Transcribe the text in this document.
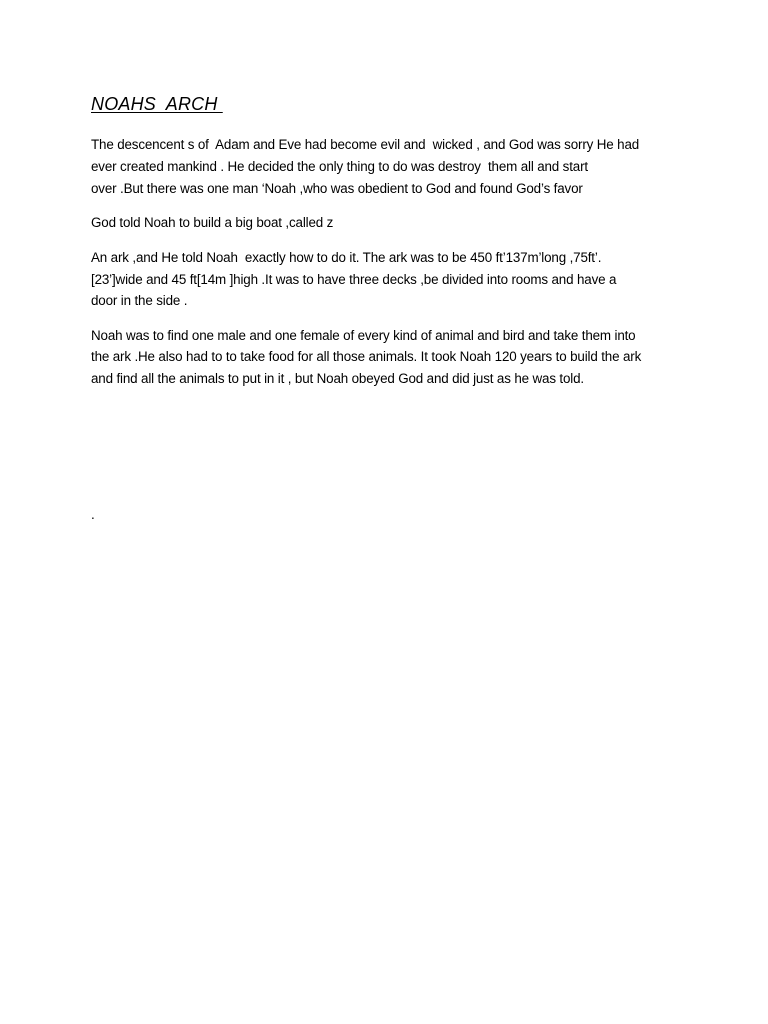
NOAHS  ARCH
The descencent s of  Adam and Eve had become evil and  wicked , and God was sorry He had
ever created mankind . He decided the only thing to do was destroy  them all and start
over .But there was one man ‘Noah ,who was obedient to God and found God’s favor
God told Noah to build a big boat ,called z
An ark ,and He told Noah  exactly how to do it. The ark was to be 450 ft’137m’long ,75ft’.
[23’]wide and 45 ft[14m ]high .It was to have three decks ,be divided into rooms and have a
door in the side .
Noah was to find one male and one female of every kind of animal and bird and take them into
the ark .He also had to to take food for all those animals. It took Noah 120 years to build the ark
and find all the animals to put in it , but Noah obeyed God and did just as he was told.
.
